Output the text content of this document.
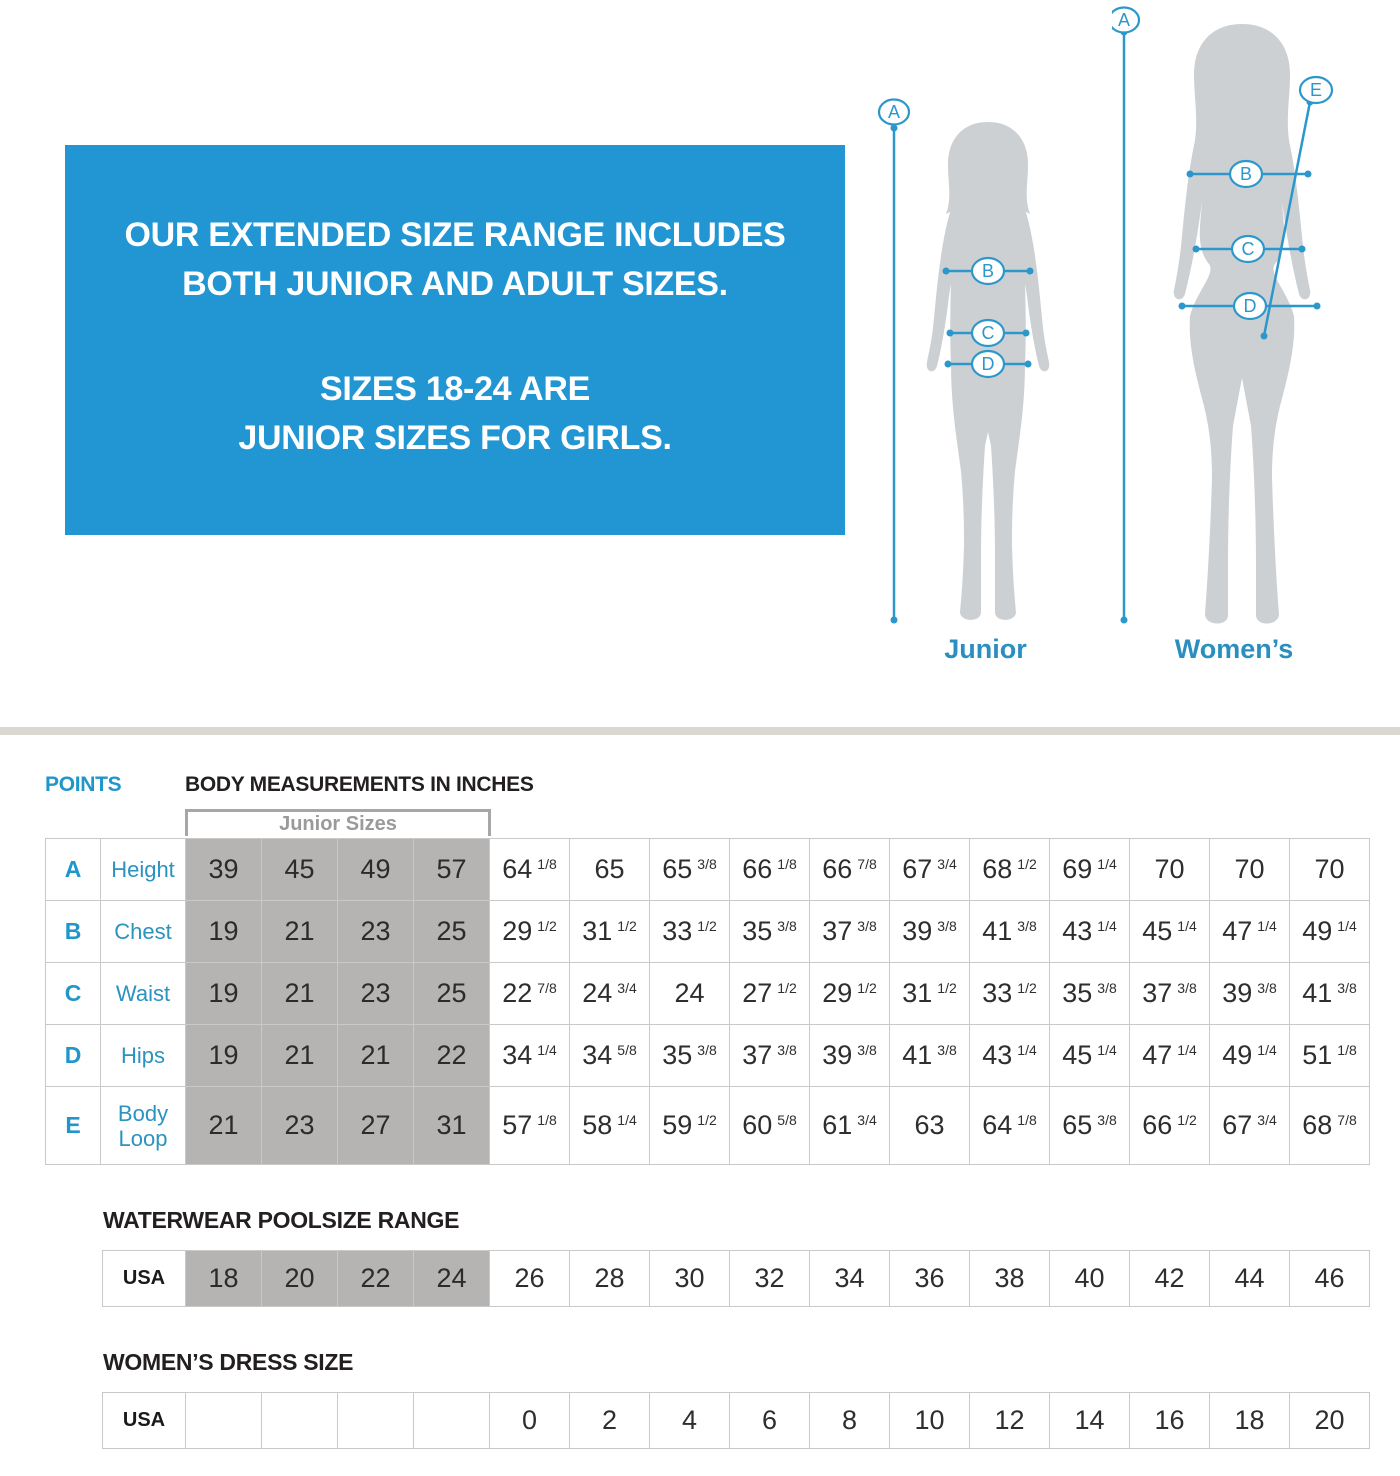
OUR EXTENDED SIZE RANGE INCLUDES
BOTH JUNIOR AND ADULT SIZES.
SIZES 18-24 ARE
JUNIOR SIZES FOR GIRLS.
A
B
C
D
Junior
A
E
B
C
D
Women’s
POINTS	BODY MEASUREMENTS IN INCHES
Junior Sizes
A	Height	39	45	49	57	64 $^{1/8}$	65	65 $^{3/8}$	66 $^{1/8}$	66 $^{7/8}$	67 $^{3/4}$	68 $^{1/2}$	69 $^{1/4}$	70	70	70
B	Chest	19	21	23	25	29 $^{1/2}$	31 $^{1/2}$	33 $^{1/2}$	35 $^{3/8}$	37 $^{3/8}$	39 $^{3/8}$	41 $^{3/8}$	43 $^{1/4}$	45 $^{1/4}$	47 $^{1/4}$	49 $^{1/4}$
C	Waist	19	21	23	25	22 $^{7/8}$	24 $^{3/4}$	24	27 $^{1/2}$	29 $^{1/2}$	31 $^{1/2}$	33 $^{1/2}$	35 $^{3/8}$	37 $^{3/8}$	39 $^{3/8}$	41 $^{3/8}$
D	Hips	19	21	21	22	34 $^{1/4}$	34 $^{5/8}$	35 $^{3/8}$	37 $^{3/8}$	39 $^{3/8}$	41 $^{3/8}$	43 $^{1/4}$	45 $^{1/4}$	47 $^{1/4}$	49 $^{1/4}$	51 $^{1/8}$
E	Body Loop	21	23	27	31	57 $^{1/8}$	58 $^{1/4}$	59 $^{1/2}$	60 $^{5/8}$	61 $^{3/4}$	63	64 $^{1/8}$	65 $^{3/8}$	66 $^{1/2}$	67 $^{3/4}$	68 $^{7/8}$
WATERWEAR POOLSIZE RANGE
USA	18	20	22	24	26	28	30	32	34	36	38	40	42	44	46
WOMEN’S DRESS SIZE
USA					0	2	4	6	8	10	12	14	16	18	20
